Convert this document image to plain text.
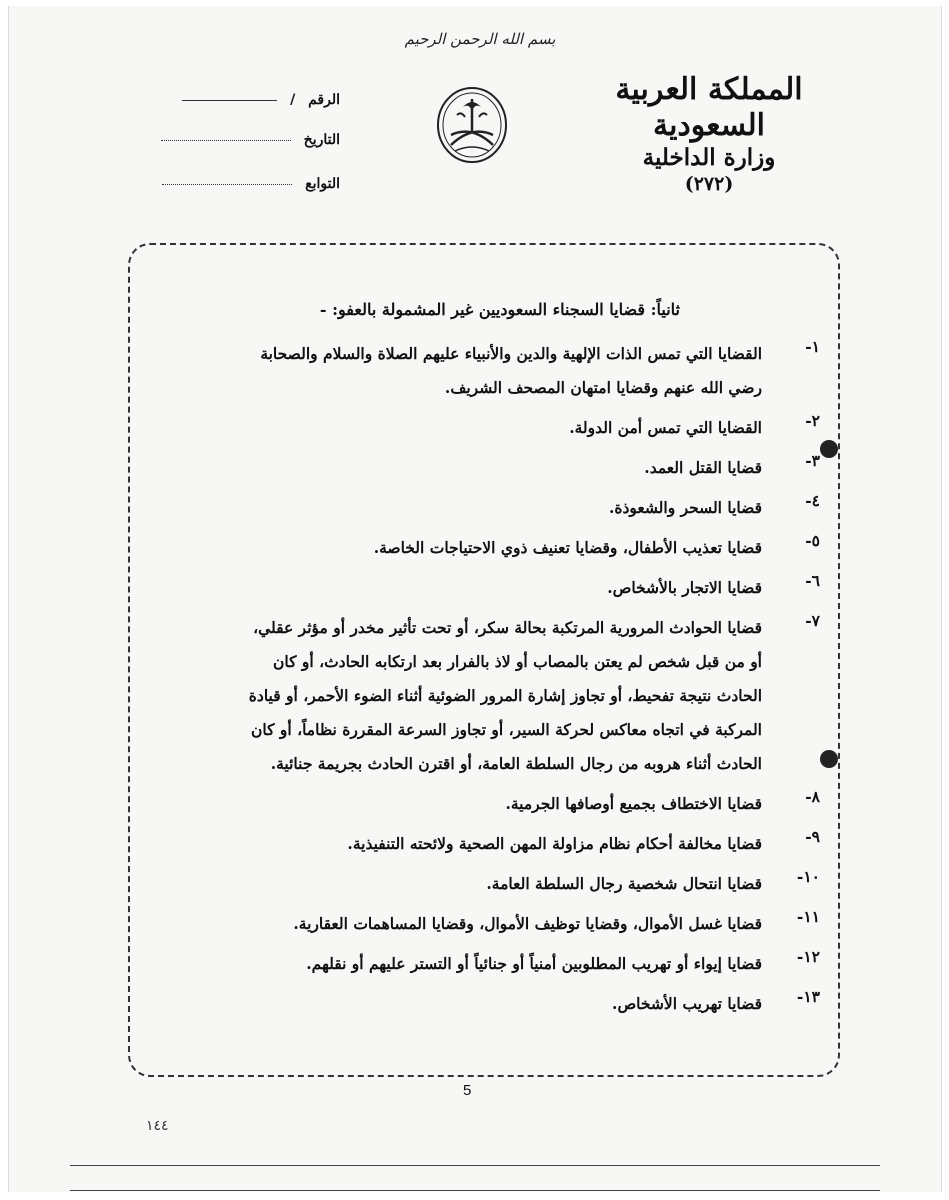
بسم الله الرحمن الرحيم
المملكة العربية السعودية
وزارة الداخلية
(٢٧٢)
الرقم /
التاريخ
التوابع
ثانياً: قضايا السجناء السعوديين غير المشمولة بالعفو: -
١-
القضايا التي تمس الذات الإلهية والدين والأنبياء عليهم الصلاة والسلام والصحابة
رضي الله عنهم وقضايا امتهان المصحف الشريف.
٢-
القضايا التي تمس أمن الدولة.
٣-
قضايا القتل العمد.
٤-
قضايا السحر والشعوذة.
٥-
قضايا تعذيب الأطفال، وقضايا تعنيف ذوي الاحتياجات الخاصة.
٦-
قضايا الاتجار بالأشخاص.
٧-
قضايا الحوادث المرورية المرتكبة بحالة سكر، أو تحت تأثير مخدر أو مؤثر عقلي،
أو من قبل شخص لم يعتن بالمصاب أو لاذ بالفرار بعد ارتكابه الحادث، أو كان
الحادث نتيجة تفحيط، أو تجاوز إشارة المرور الضوئية أثناء الضوء الأحمر، أو قيادة
المركبة في اتجاه معاكس لحركة السير، أو تجاوز السرعة المقررة نظاماً، أو كان
الحادث أثناء هروبه من رجال السلطة العامة، أو اقترن الحادث بجريمة جنائية.
٨-
قضايا الاختطاف بجميع أوصافها الجرمية.
٩-
قضايا مخالفة أحكام نظام مزاولة المهن الصحية ولائحته التنفيذية.
١٠-
قضايا انتحال شخصية رجال السلطة العامة.
١١-
قضايا غسل الأموال، وقضايا توظيف الأموال، وقضايا المساهمات العقارية.
١٢-
قضايا إيواء أو تهريب المطلوبين أمنياً أو جنائياً أو التستر عليهم أو نقلهم.
١٣-
قضايا تهريب الأشخاص.
5
١٤٤
